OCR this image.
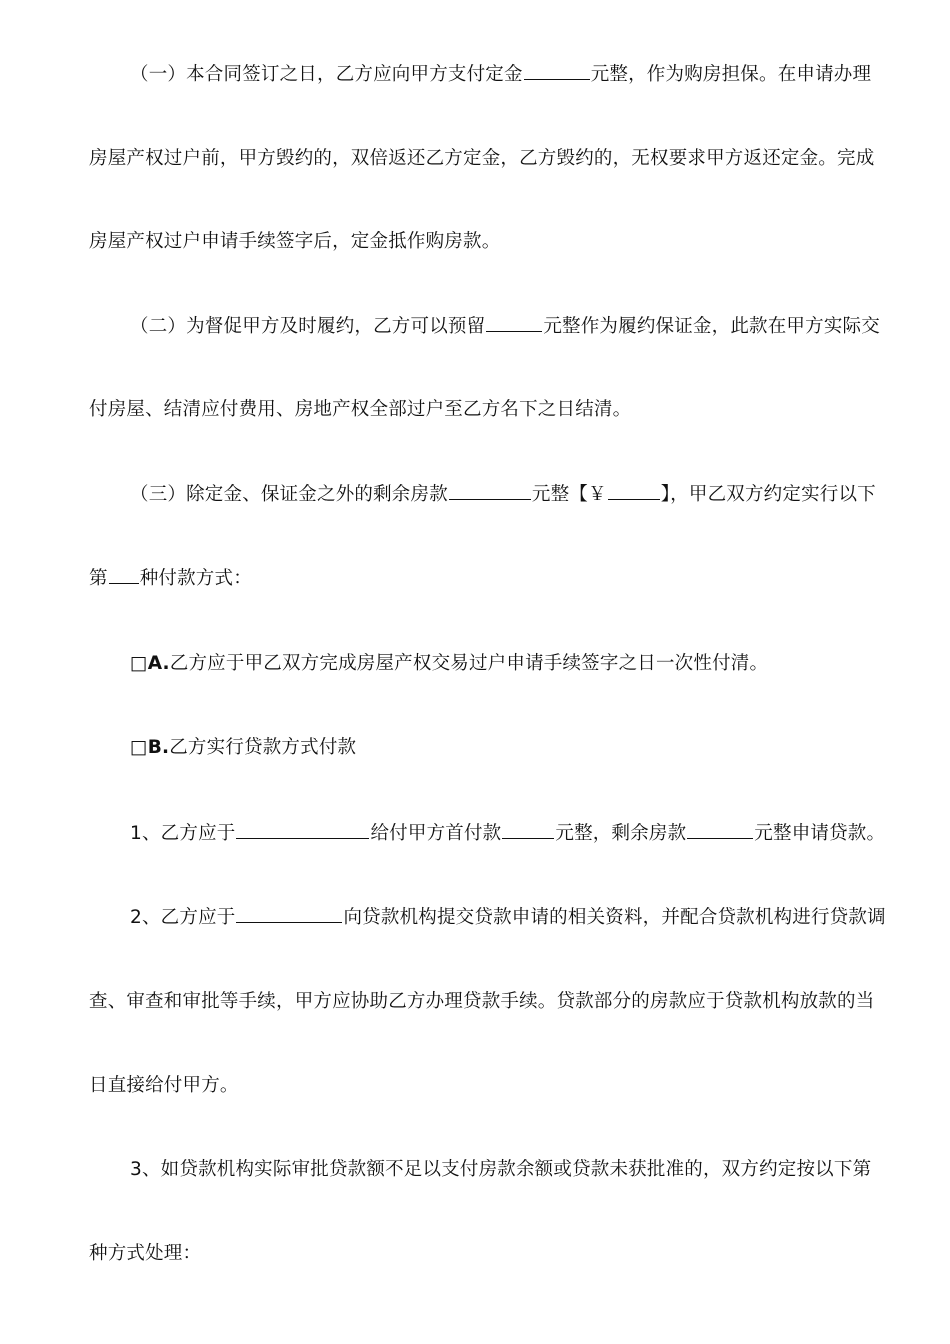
（一）本合同签订之日，乙方应向甲方支付定金	元整，作为购房担保。在申请办理
房屋产权过户前，甲方毁约的，双倍返还乙方定金，乙方毁约的，无权要求甲方返还定金。完成
房屋产权过户申请手续签字后，定金抵作购房款。
（二）为督促甲方及时履约，乙方可以预留	元整作为履约保证金，此款在甲方实际交
付房屋、结清应付费用、房地产权全部过户至乙方名下之日结清。
（三）除定金、保证金之外的剩余房款	元整【￥	】，甲乙双方约定实行以下
第 种付款方式：
□A.乙方应于甲乙双方完成房屋产权交易过户申请手续签字之日一次性付清。
□B.乙方实行贷款方式付款
1、乙方应于	给付甲方首付款	元整，剩余房款	元整申请贷款。
2、乙方应于	向贷款机构提交贷款申请的相关资料，并配合贷款机构进行贷款调
查、审查和审批等手续，甲方应协助乙方办理贷款手续。贷款部分的房款应于贷款机构放款的当
日直接给付甲方。
3、如贷款机构实际审批贷款额不足以支付房款余额或贷款未获批准的，双方约定按以下第
种方式处理：
